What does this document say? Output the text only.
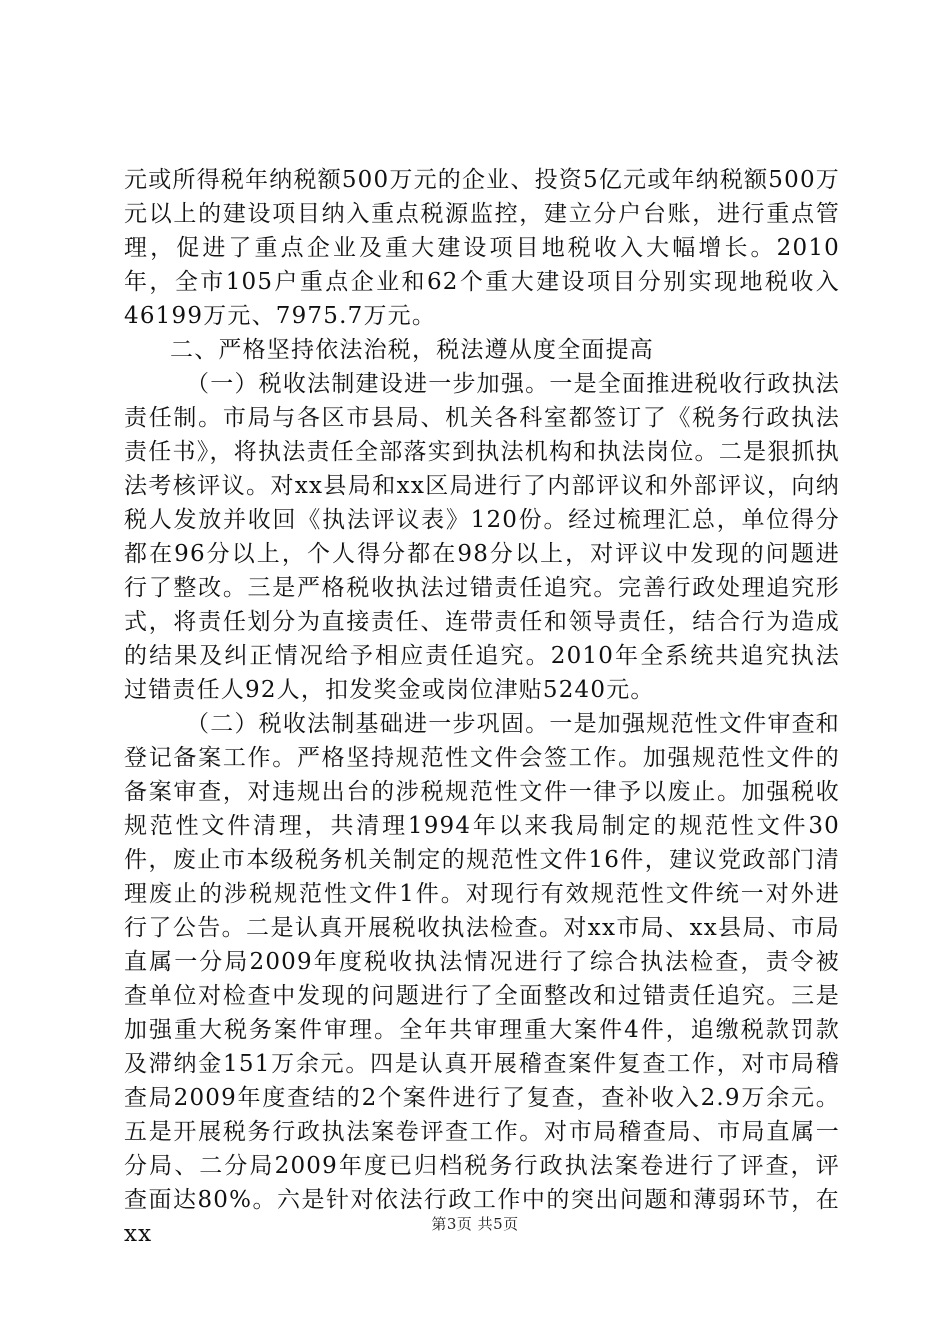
元或所得税年纳税额500万元的企业、投资5亿元或年纳税额500万元以上的建设项目纳入重点税源监控，建立分户台账，进行重点管理，促进了重点企业及重大建设项目地税收入大幅增长。2010年，全市105户重点企业和62个重大建设项目分别实现地税收入46199万元、7975.7万元。

二、严格坚持依法治税，税法遵从度全面提高

（一）税收法制建设进一步加强。一是全面推进税收行政执法责任制。市局与各区市县局、机关各科室都签订了《税务行政执法责任书》，将执法责任全部落实到执法机构和执法岗位。二是狠抓执法考核评议。对xx县局和xx区局进行了内部评议和外部评议，向纳税人发放并收回《执法评议表》120份。经过梳理汇总，单位得分都在96分以上，个人得分都在98分以上，对评议中发现的问题进行了整改。三是严格税收执法过错责任追究。完善行政处理追究形式，将责任划分为直接责任、连带责任和领导责任，结合行为造成的结果及纠正情况给予相应责任追究。2010年全系统共追究执法过错责任人92人，扣发奖金或岗位津贴5240元。

（二）税收法制基础进一步巩固。一是加强规范性文件审查和登记备案工作。严格坚持规范性文件会签工作。加强规范性文件的备案审查，对违规出台的涉税规范性文件一律予以废止。加强税收规范性文件清理，共清理1994年以来我局制定的规范性文件30件，废止市本级税务机关制定的规范性文件16件，建议党政部门清理废止的涉税规范性文件1件。对现行有效规范性文件统一对外进行了公告。二是认真开展税收执法检查。对xx市局、xx县局、市局直属一分局2009年度税收执法情况进行了综合执法检查，责令被查单位对检查中发现的问题进行了全面整改和过错责任追究。三是加强重大税务案件审理。全年共审理重大案件4件，追缴税款罚款及滞纳金151万余元。四是认真开展稽查案件复查工作，对市局稽查局2009年度查结的2个案件进行了复查，查补收入2.9万余元。五是开展税务行政执法案卷评查工作。对市局稽查局、市局直属一分局、二分局2009年度已归档税务行政执法案卷进行了评查，评查面达80%。六是针对依法行政工作中的突出问题和薄弱环节，在xx	第3页 共5页
